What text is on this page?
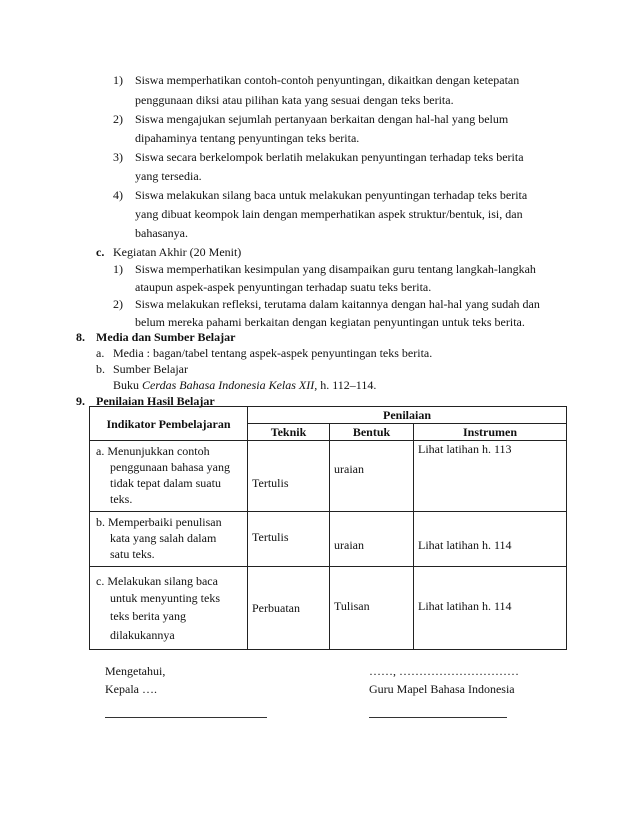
1) Siswa memperhatikan contoh-contoh penyuntingan, dikaitkan dengan ketepatan
penggunaan diksi atau pilihan kata yang sesuai dengan teks berita.
2) Siswa mengajukan sejumlah pertanyaan berkaitan dengan hal-hal yang belum
dipahaminya tentang penyuntingan teks berita.
3) Siswa secara berkelompok berlatih melakukan penyuntingan terhadap teks berita
yang tersedia.
4) Siswa melakukan silang baca untuk melakukan penyuntingan terhadap teks berita
yang dibuat keompok lain dengan memperhatikan aspek struktur/bentuk, isi, dan
bahasanya.
c. Kegiatan Akhir (20 Menit)
1) Siswa memperhatikan kesimpulan yang disampaikan guru tentang langkah-langkah
ataupun aspek-aspek penyuntingan terhadap suatu teks berita.
2) Siswa melakukan refleksi, terutama dalam kaitannya dengan hal-hal yang sudah dan
belum mereka pahami berkaitan dengan kegiatan penyuntingan untuk teks berita.
8. Media dan Sumber Belajar
a. Media : bagan/tabel tentang aspek-aspek penyuntingan teks berita.
b. Sumber Belajar
Buku Cerdas Bahasa Indonesia Kelas XII, h. 112–114.
9. Penilaian Hasil Belajar
Indikator Pembelajaran	Penilaian		
	Teknik	Bentuk	Instrumen

a. Menunjukkan contoh
penggunaan bahasa yang
tidak tepat dalam suatu
teks.	Tertulis	uraian	Lihat latihan h. 113

b. Memperbaiki penulisan
kata yang salah dalam
satu teks.	Tertulis	uraian	Lihat latihan h. 114

c. Melakukan silang baca
untuk menyunting teks
teks berita yang
dilakukannya	Perbuatan	Tulisan	Lihat latihan h. 114
Mengetahui,
Kepala ….
……, …………………………
Guru Mapel Bahasa Indonesia
